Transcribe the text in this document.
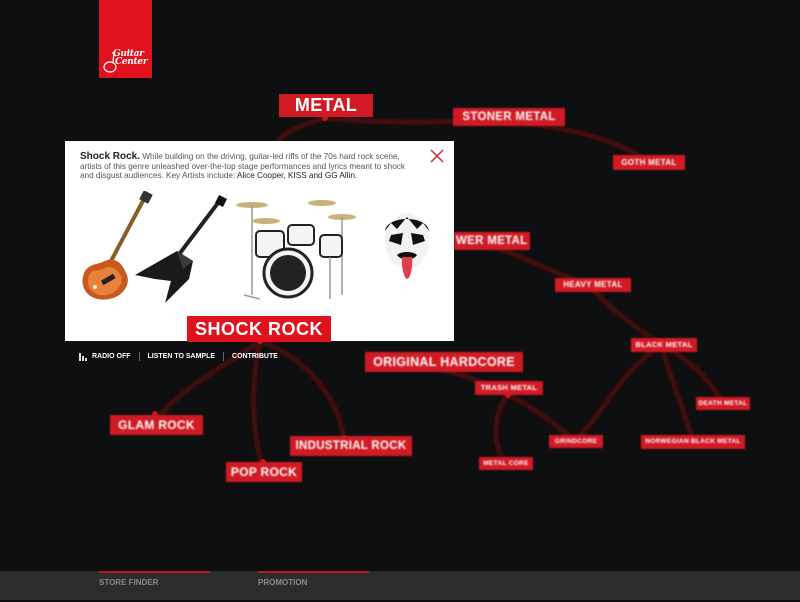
Guitar
Center
METAL
STONER METAL
GOTH METAL
WER METAL
HEAVY METAL
BLACK METAL
ORIGINAL HARDCORE
TRASH METAL
DEATH METAL
GRINDCORE	NORWEGIAN BLACK METAL
METAL CORE
GLAM ROCK
INDUSTRIAL ROCK
POP ROCK
Shock Rock. While building on the driving, guitar-led riffs of the 70s hard rock scene, artists of this genre unleashed over-the-top stage performances and lyrics meant to shock and disgust audiences. Key Artists include: Alice Cooper, KISS and GG Allin.
SHOCK ROCK
RADIO OFF LISTEN TO SAMPLE CONTRIBUTE
STORE FINDER	PROMOTION
